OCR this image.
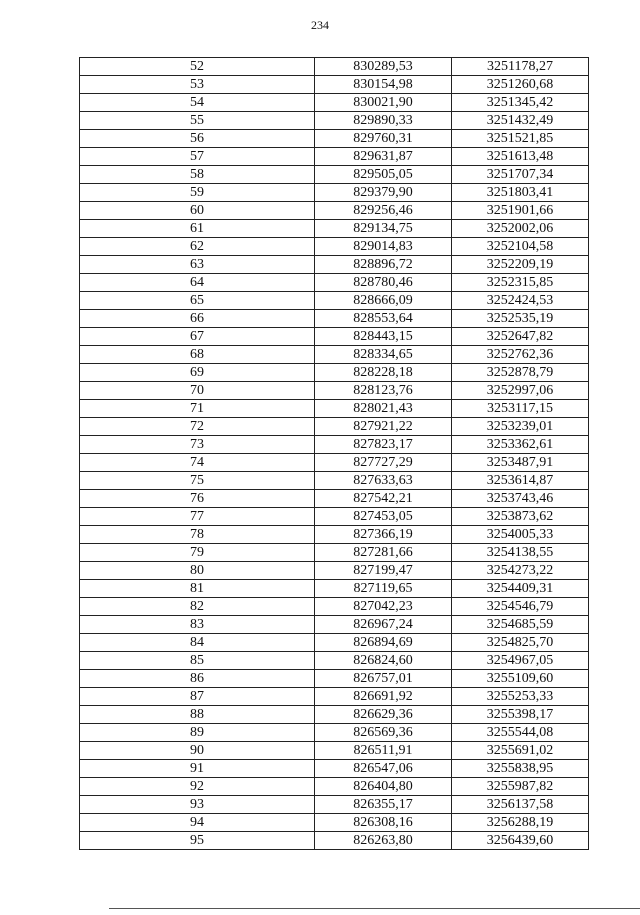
234
52	830289,53	3251178,27
53	830154,98	3251260,68
54	830021,90	3251345,42
55	829890,33	3251432,49
56	829760,31	3251521,85
57	829631,87	3251613,48
58	829505,05	3251707,34
59	829379,90	3251803,41
60	829256,46	3251901,66
61	829134,75	3252002,06
62	829014,83	3252104,58
63	828896,72	3252209,19
64	828780,46	3252315,85
65	828666,09	3252424,53
66	828553,64	3252535,19
67	828443,15	3252647,82
68	828334,65	3252762,36
69	828228,18	3252878,79
70	828123,76	3252997,06
71	828021,43	3253117,15
72	827921,22	3253239,01
73	827823,17	3253362,61
74	827727,29	3253487,91
75	827633,63	3253614,87
76	827542,21	3253743,46
77	827453,05	3253873,62
78	827366,19	3254005,33
79	827281,66	3254138,55
80	827199,47	3254273,22
81	827119,65	3254409,31
82	827042,23	3254546,79
83	826967,24	3254685,59
84	826894,69	3254825,70
85	826824,60	3254967,05
86	826757,01	3255109,60
87	826691,92	3255253,33
88	826629,36	3255398,17
89	826569,36	3255544,08
90	826511,91	3255691,02
91	826547,06	3255838,95
92	826404,80	3255987,82
93	826355,17	3256137,58
94	826308,16	3256288,19
95	826263,80	3256439,60
